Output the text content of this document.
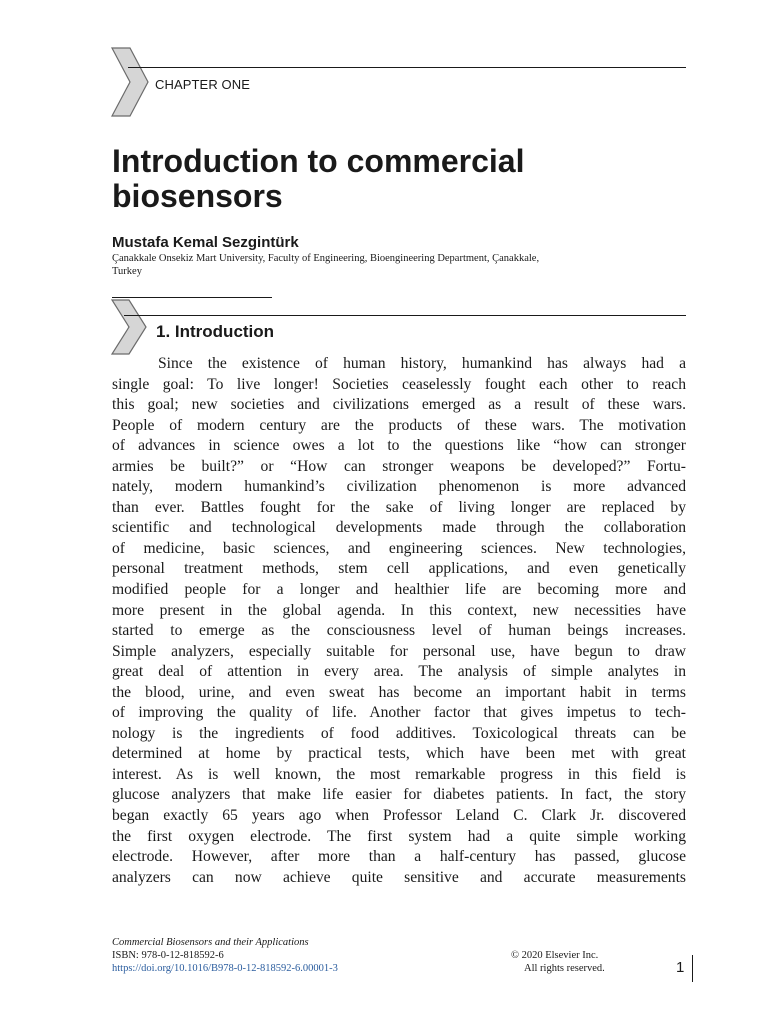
CHAPTER ONE
Introduction to commercial
biosensors
Mustafa Kemal Sezgintürk
Çanakkale Onsekiz Mart University, Faculty of Engineering, Bioengineering Department, Çanakkale,
Turkey
1. Introduction
Since the existence of human history, humankind has always had a
single goal: To live longer! Societies ceaselessly fought each other to reach
this goal; new societies and civilizations emerged as a result of these wars.
People of modern century are the products of these wars. The motivation
of advances in science owes a lot to the questions like “how can stronger
armies be built?” or “How can stronger weapons be developed?” Fortu-
nately, modern humankind’s civilization phenomenon is more advanced
than ever. Battles fought for the sake of living longer are replaced by
scientific and technological developments made through the collaboration
of medicine, basic sciences, and engineering sciences. New technologies,
personal treatment methods, stem cell applications, and even genetically
modified people for a longer and healthier life are becoming more and
more present in the global agenda. In this context, new necessities have
started to emerge as the consciousness level of human beings increases.
Simple analyzers, especially suitable for personal use, have begun to draw
great deal of attention in every area. The analysis of simple analytes in
the blood, urine, and even sweat has become an important habit in terms
of improving the quality of life. Another factor that gives impetus to tech-
nology is the ingredients of food additives. Toxicological threats can be
determined at home by practical tests, which have been met with great
interest. As is well known, the most remarkable progress in this field is
glucose analyzers that make life easier for diabetes patients. In fact, the story
began exactly 65 years ago when Professor Leland C. Clark Jr. discovered
the first oxygen electrode. The first system had a quite simple working
electrode. However, after more than a half-century has passed, glucose
analyzers can now achieve quite sensitive and accurate measurements
Commercial Biosensors and their Applications
ISBN: 978-0-12-818592-6
https://doi.org/10.1016/B978-0-12-818592-6.00001-3
© 2020 Elsevier Inc.
All rights reserved.	1
